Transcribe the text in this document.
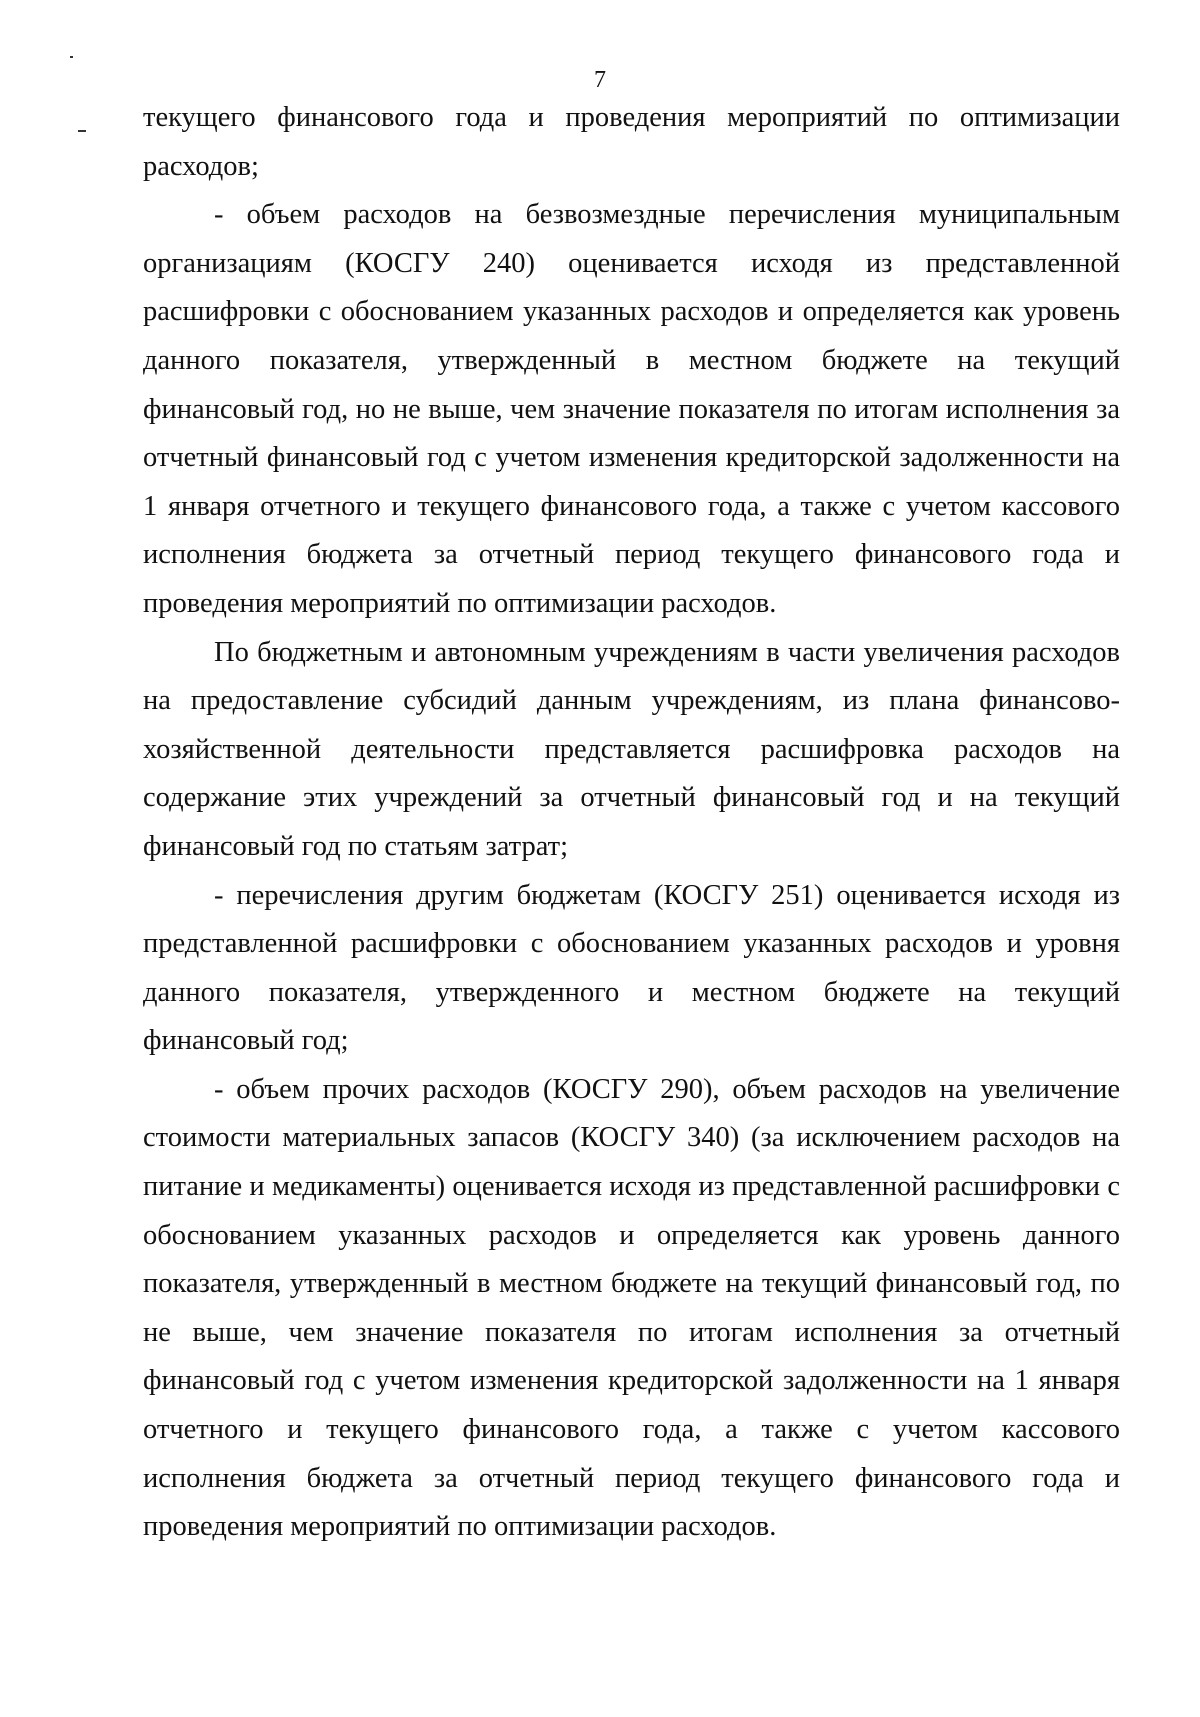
7

текущего финансового года и проведения мероприятий по оптимизации расходов;

- объем расходов на безвозмездные перечисления муниципальным организациям (КОСГУ 240) оценивается исходя из представленной расшифровки с обоснованием указанных расходов и определяется как уровень данного показателя, утвержденный в местном бюджете на текущий финансовый год, но не выше, чем значение показателя по итогам исполнения за отчетный финансовый год с учетом изменения кредиторской задолженности на 1 января отчетного и текущего финансового года, а также с учетом кассового исполнения бюджета за отчетный период текущего финансового года и проведения мероприятий по оптимизации расходов.

По бюджетным и автономным учреждениям в части увеличения расходов на предоставление субсидий данным учреждениям, из плана финансово-хозяйственной деятельности представляется расшифровка расходов на содержание этих учреждений за отчетный финансовый год и на текущий финансовый год по статьям затрат;

- перечисления другим бюджетам (КОСГУ 251) оценивается исходя из представленной расшифровки с обоснованием указанных расходов и уровня данного показателя, утвержденного и местном бюджете на текущий финансовый год;

- объем прочих расходов (КОСГУ 290), объем расходов на увеличение стоимости материальных запасов (КОСГУ 340) (за исключением расходов на питание и медикаменты) оценивается исходя из представленной расшифровки с обоснованием указанных расходов и определяется как уровень данного показателя, утвержденный в местном бюджете на текущий финансовый год, по не выше, чем значение показателя по итогам исполнения за отчетный финансовый год с учетом изменения кредиторской задолженности на 1 января отчетного и текущего финансового года, а также с учетом кассового исполнения бюджета за отчетный период текущего финансового года и проведения мероприятий по оптимизации расходов.
